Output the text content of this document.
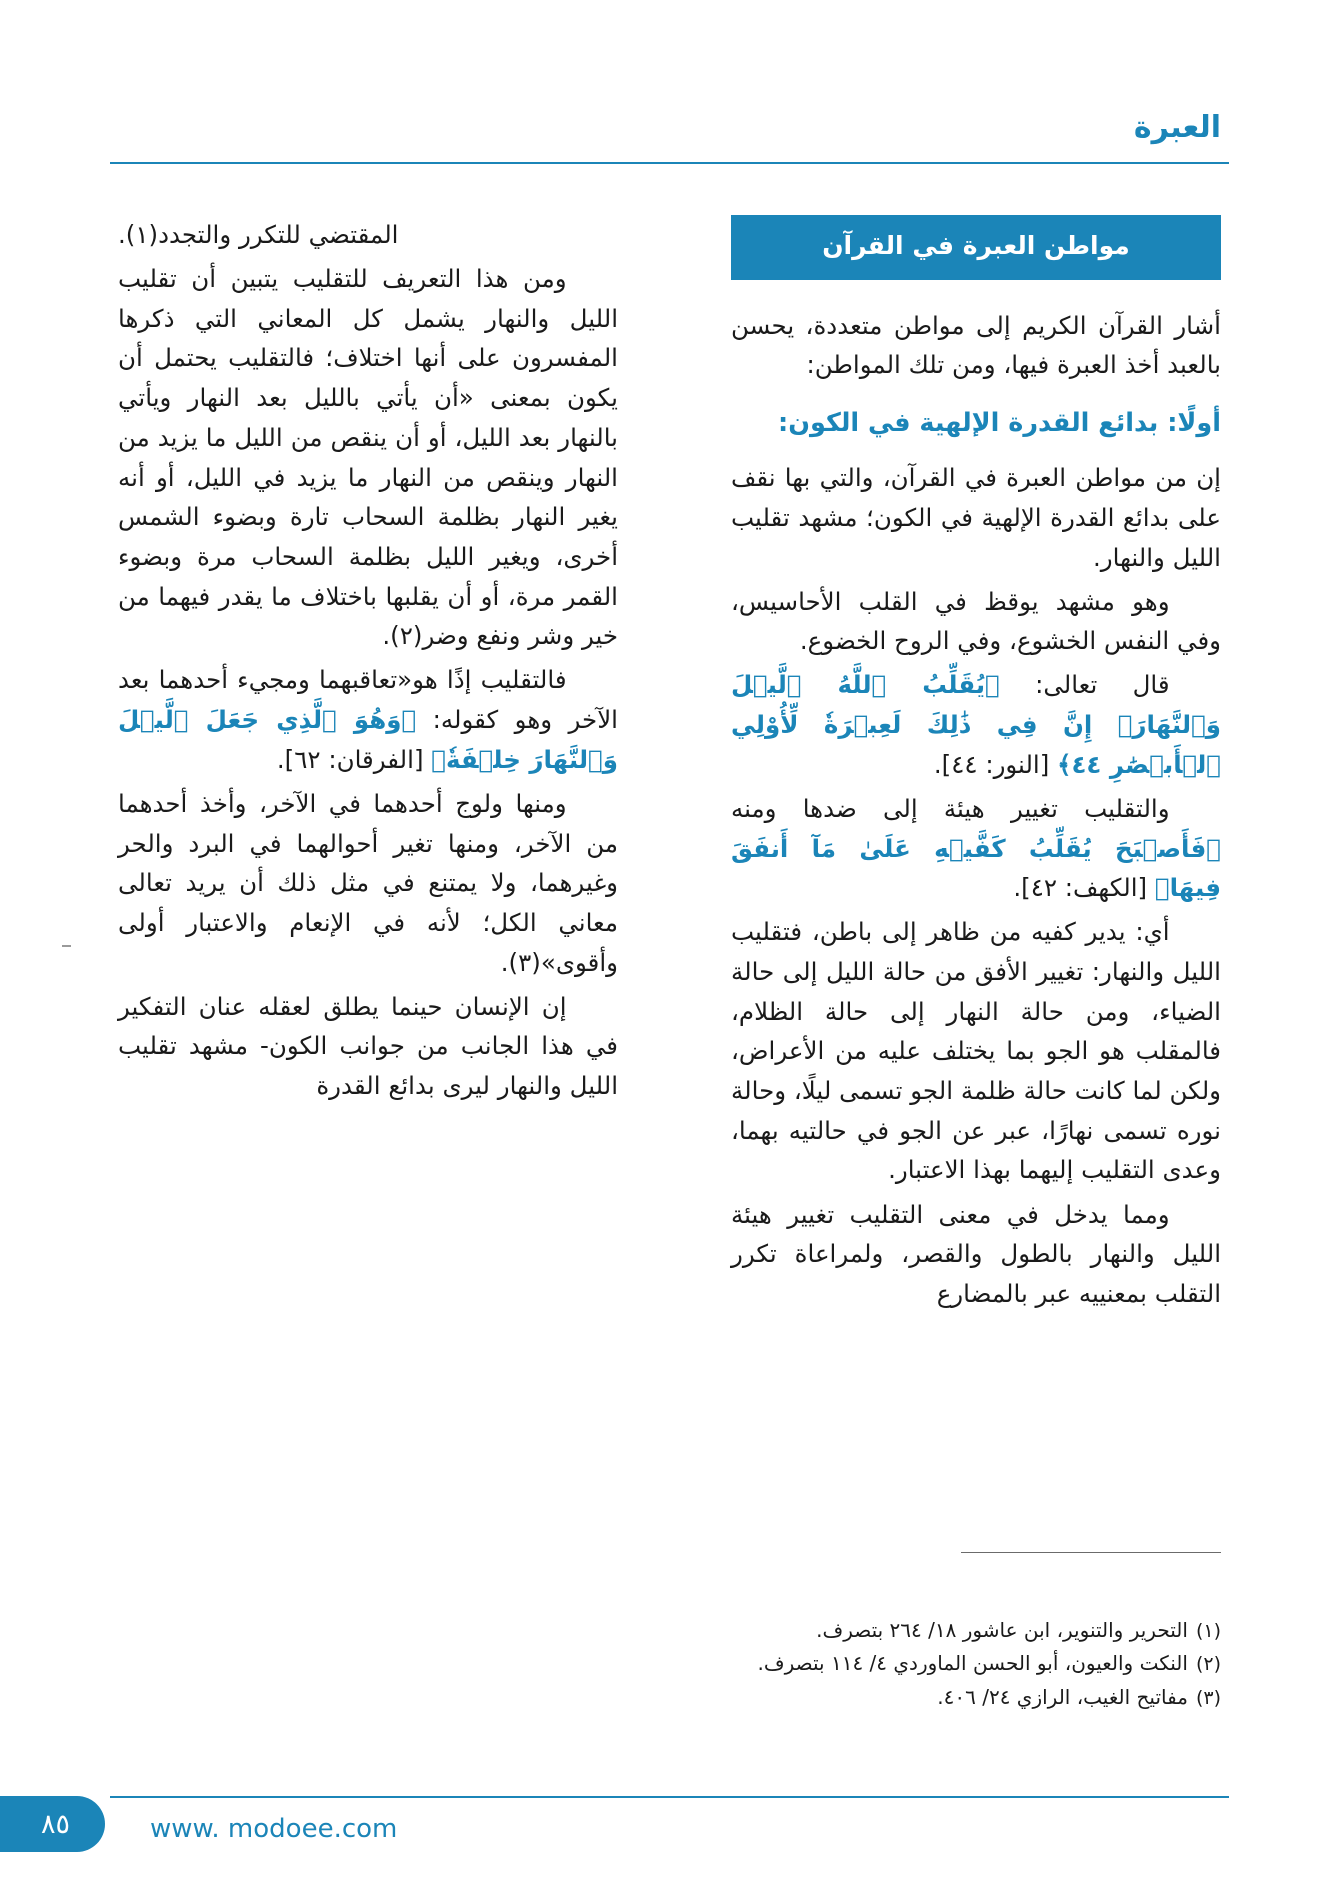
العبرة
مواطن العبرة في القرآن

أشار القرآن الكريم إلى مواطن متعددة، يحسن بالعبد أخذ العبرة فيها، ومن تلك المواطن:

أولًا: بدائع القدرة الإلهية في الكون:

إن من مواطن العبرة في القرآن، والتي بها نقف على بدائع القدرة الإلهية في الكون؛ مشهد تقليب الليل والنهار.

وهو مشهد يوقظ في القلب الأحاسيس، وفي النفس الخشوع، وفي الروح الخضوع.

قال تعالى: ﴿يُقَلِّبُ ٱللَّهُ ٱلَّيۡلَ وَٱلنَّهَارَۚ إِنَّ فِي ذَٰلِكَ لَعِبۡرَةٗ لِّأُوْلِي ٱلۡأَبۡصَٰرِ ٤٤﴾ [النور: ٤٤].

والتقليب تغيير هيئة إلى ضدها ومنه ﴿فَأَصۡبَحَ يُقَلِّبُ كَفَّيۡهِ عَلَىٰ مَآ أَنفَقَ فِيهَا﴾ [الكهف: ٤٢].

أي: يدير كفيه من ظاهر إلى باطن، فتقليب الليل والنهار: تغيير الأفق من حالة الليل إلى حالة الضياء، ومن حالة النهار إلى حالة الظلام، فالمقلب هو الجو بما يختلف عليه من الأعراض، ولكن لما كانت حالة ظلمة الجو تسمى ليلًا، وحالة نوره تسمى نهارًا، عبر عن الجو في حالتيه بهما، وعدى التقليب إليهما بهذا الاعتبار.

ومما يدخل في معنى التقليب تغيير هيئة الليل والنهار بالطول والقصر، ولمراعاة تكرر التقلب بمعنييه عبر بالمضارع

المقتضي للتكرر والتجدد(١).

ومن هذا التعريف للتقليب يتبين أن تقليب الليل والنهار يشمل كل المعاني التي ذكرها المفسرون على أنها اختلاف؛ فالتقليب يحتمل أن يكون بمعنى «أن يأتي بالليل بعد النهار ويأتي بالنهار بعد الليل، أو أن ينقص من الليل ما يزيد من النهار وينقص من النهار ما يزيد في الليل، أو أنه يغير النهار بظلمة السحاب تارة وبضوء الشمس أخرى، ويغير الليل بظلمة السحاب مرة وبضوء القمر مرة، أو أن يقلبها باختلاف ما يقدر فيهما من خير وشر ونفع وضر(٢).

فالتقليب إذًا هو«تعاقبهما ومجيء أحدهما بعد الآخر وهو كقوله: ﴿وَهُوَ ٱلَّذِي جَعَلَ ٱلَّيۡلَ وَٱلنَّهَارَ خِلۡفَةٗ﴾ [الفرقان: ٦٢].

ومنها ولوج أحدهما في الآخر، وأخذ أحدهما من الآخر، ومنها تغير أحوالهما في البرد والحر وغيرهما، ولا يمتنع في مثل ذلك أن يريد تعالى معاني الكل؛ لأنه في الإنعام والاعتبار أولى وأقوى»(٣).

إن الإنسان حينما يطلق لعقله عنان التفكير في هذا الجانب من جوانب الكون- مشهد تقليب الليل والنهار ليرى بدائع القدرة

(١)
التحرير والتنوير، ابن عاشور ١٨/ ٢٦٤ بتصرف.
(٢)
النكت والعيون، أبو الحسن الماوردي ٤/ ١١٤ بتصرف.
(٣)
مفاتيح الغيب، الرازي ٢٤/ ٤٠٦.
٨٥	www. modoee.com
